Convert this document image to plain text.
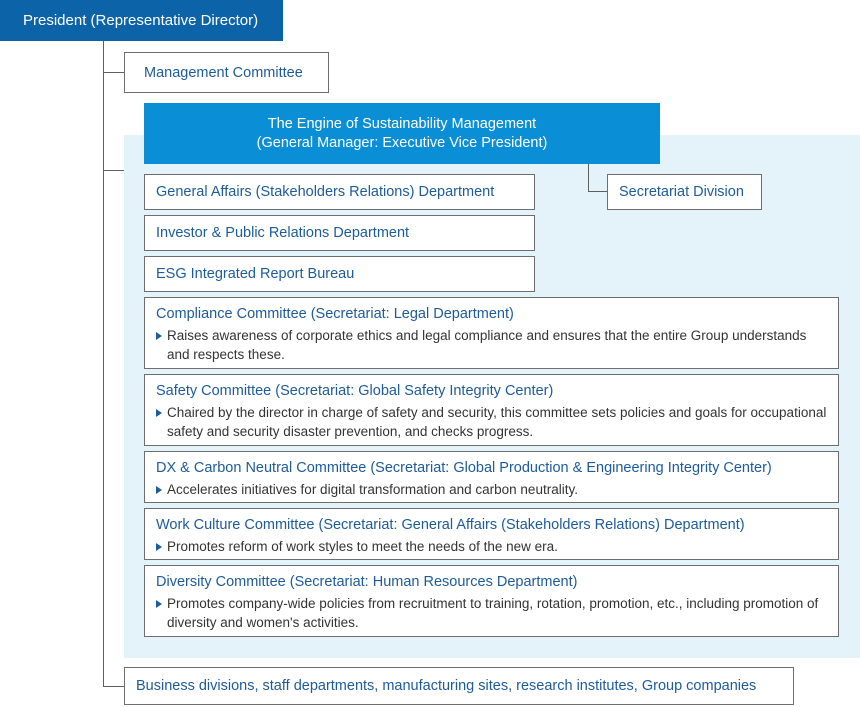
President (Representative Director)
Management Committee
The Engine of Sustainability Management
(General Manager: Executive Vice President)
Secretariat Division
General Affairs (Stakeholders Relations) Department
Investor & Public Relations Department
ESG Integrated Report Bureau
Compliance Committee (Secretariat: Legal Department)
Raises awareness of corporate ethics and legal compliance and ensures that the entire Group understands and respects these.
Safety Committee (Secretariat: Global Safety Integrity Center)
Chaired by the director in charge of safety and security, this committee sets policies and goals for occupational safety and security disaster prevention, and checks progress.
DX & Carbon Neutral Committee (Secretariat: Global Production & Engineering Integrity Center)
Accelerates initiatives for digital transformation and carbon neutrality.
Work Culture Committee (Secretariat: General Affairs (Stakeholders Relations) Department)
Promotes reform of work styles to meet the needs of the new era.
Diversity Committee (Secretariat: Human Resources Department)
Promotes company-wide policies from recruitment to training, rotation, promotion, etc., including promotion of diversity and women's activities.
Business divisions, staff departments, manufacturing sites, research institutes, Group companies
